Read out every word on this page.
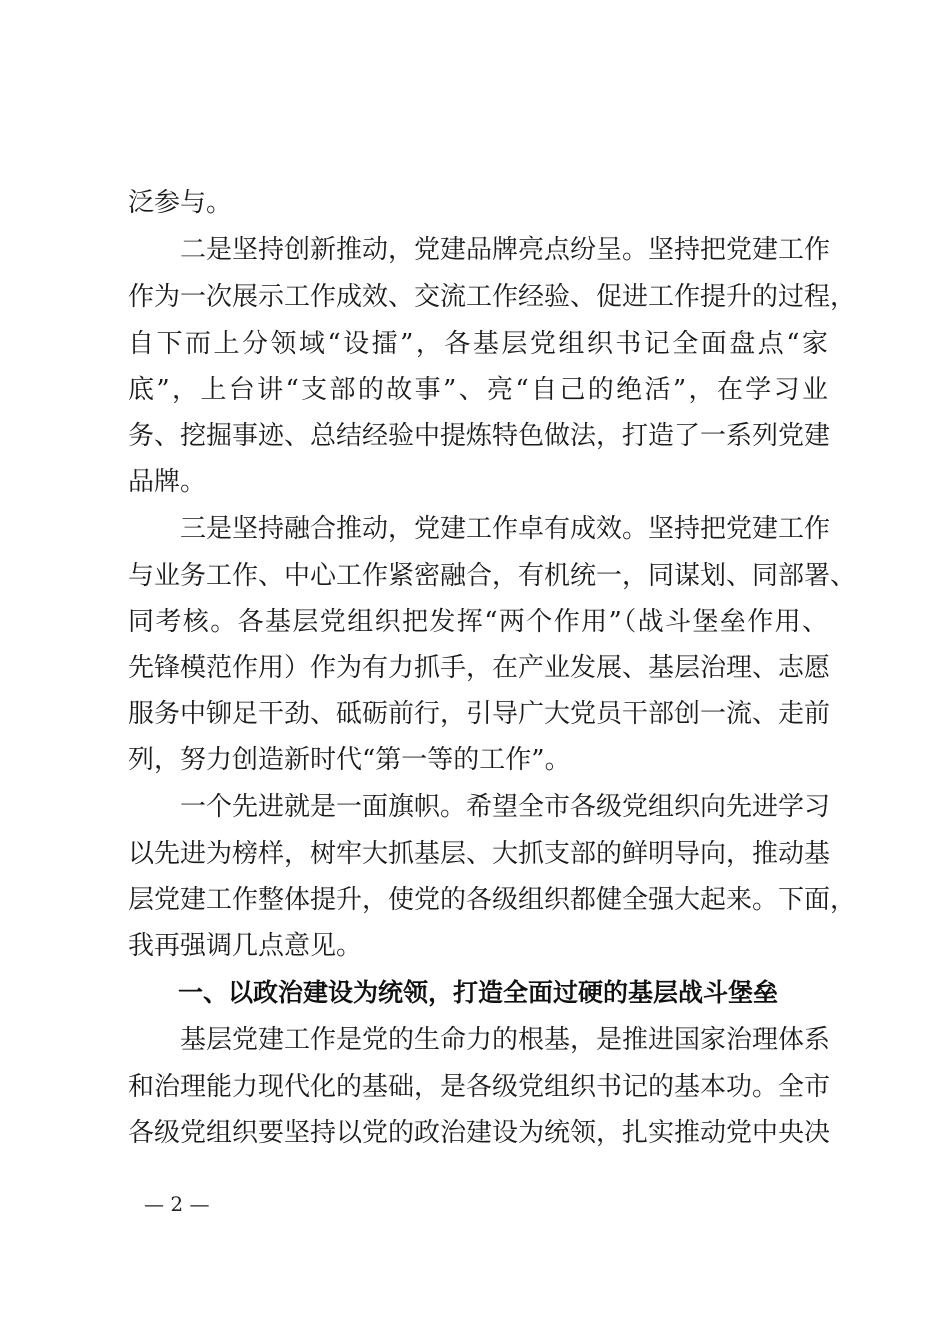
泛参与。

二是坚持创新推动，党建品牌亮点纷呈。坚持把党建工作

作为一次展示工作成效、交流工作经验、促进工作提升的过程，

自下而上分领域“设擂”，各基层党组织书记全面盘点“家

底”，上台讲“支部的故事”、亮“自己的绝活”，在学习业

务、挖掘事迹、总结经验中提炼特色做法，打造了一系列党建

品牌。

三是坚持融合推动，党建工作卓有成效。坚持把党建工作

与业务工作、中心工作紧密融合，有机统一，同谋划、同部署、

同考核。各基层党组织把发挥“两个作用”（战斗堡垒作用、

先锋模范作用）作为有力抓手，在产业发展、基层治理、志愿

服务中铆足干劲、砥砺前行，引导广大党员干部创一流、走前

列，努力创造新时代“第一等的工作”。

一个先进就是一面旗帜。希望全市各级党组织向先进学习

以先进为榜样，树牢大抓基层、大抓支部的鲜明导向，推动基

层党建工作整体提升，使党的各级组织都健全强大起来。下面，

我再强调几点意见。

一、以政治建设为统领，打造全面过硬的基层战斗堡垒

基层党建工作是党的生命力的根基，是推进国家治理体系

和治理能力现代化的基础，是各级党组织书记的基本功。全市

各级党组织要坚持以党的政治建设为统领，扎实推动党中央决

— 2 —
